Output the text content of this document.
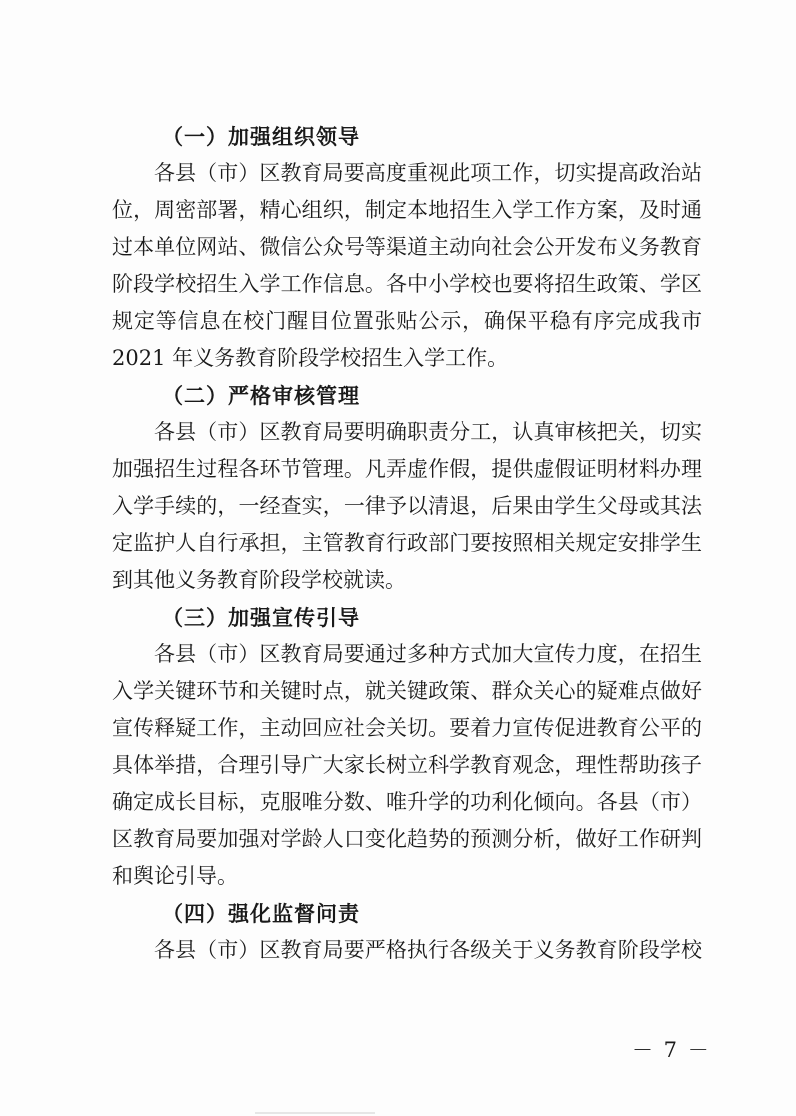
（一）加强组织领导

各县（市）区教育局要高度重视此项工作，切实提高政治站
位，周密部署，精心组织，制定本地招生入学工作方案，及时通
过本单位网站、微信公众号等渠道主动向社会公开发布义务教育
阶段学校招生入学工作信息。各中小学校也要将招生政策、学区
规定等信息在校门醒目位置张贴公示，确保平稳有序完成我市
2021 年义务教育阶段学校招生入学工作。

（二）严格审核管理

各县（市）区教育局要明确职责分工，认真审核把关，切实
加强招生过程各环节管理。凡弄虚作假，提供虚假证明材料办理
入学手续的，一经查实，一律予以清退，后果由学生父母或其法
定监护人自行承担，主管教育行政部门要按照相关规定安排学生
到其他义务教育阶段学校就读。

（三）加强宣传引导

各县（市）区教育局要通过多种方式加大宣传力度，在招生
入学关键环节和关键时点，就关键政策、群众关心的疑难点做好
宣传释疑工作，主动回应社会关切。要着力宣传促进教育公平的
具体举措，合理引导广大家长树立科学教育观念，理性帮助孩子
确定成长目标，克服唯分数、唯升学的功利化倾向。各县（市）
区教育局要加强对学龄人口变化趋势的预测分析，做好工作研判
和舆论引导。

（四）强化监督问责

各县（市）区教育局要严格执行各级关于义务教育阶段学校

－ 7 －
